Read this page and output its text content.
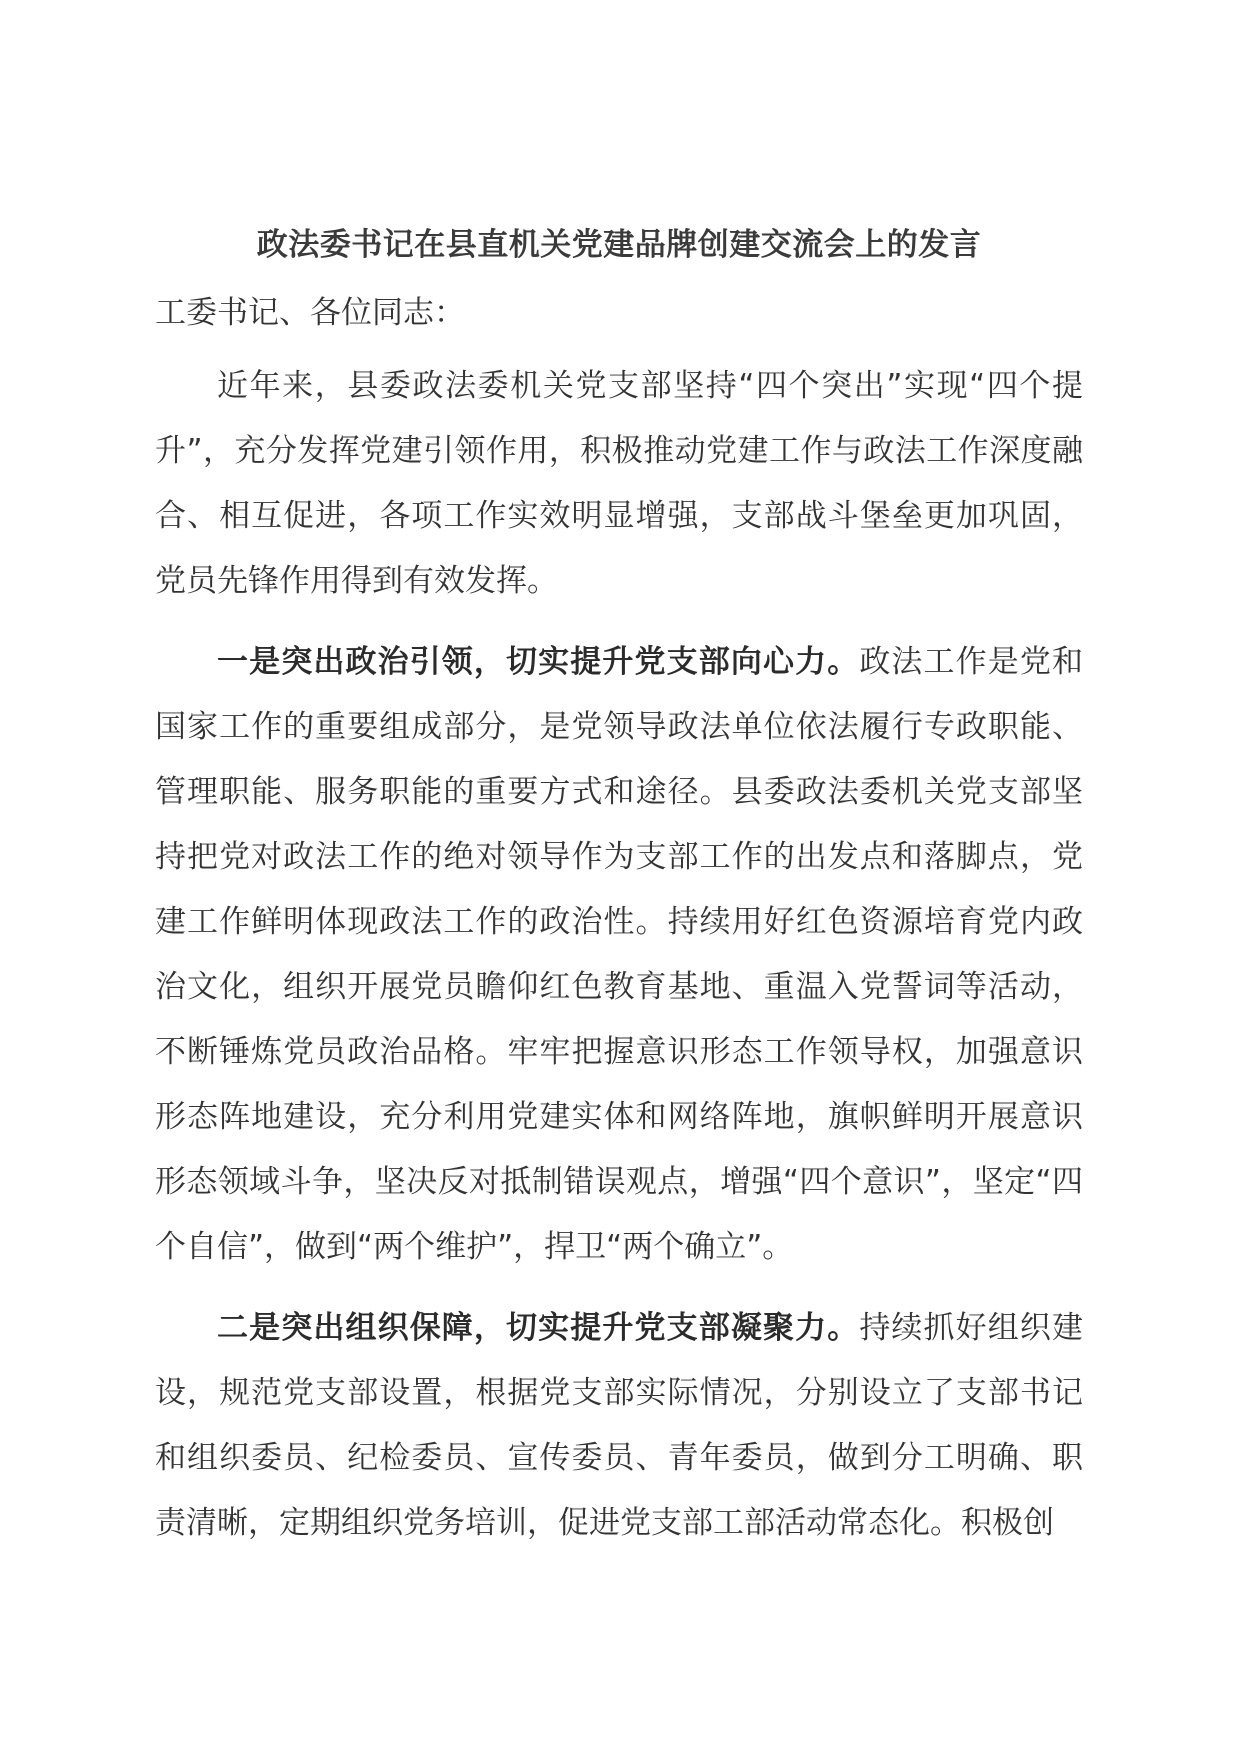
政法委书记在县直机关党建品牌创建交流会上的发言

工委书记、各位同志：

近年来，县委政法委机关党支部坚持“四个突出”实现“四个提升”，充分发挥党建引领作用，积极推动党建工作与政法工作深度融合、相互促进，各项工作实效明显增强，支部战斗堡垒更加巩固，党员先锋作用得到有效发挥。

一是突出政治引领，切实提升党支部向心力。政法工作是党和国家工作的重要组成部分，是党领导政法单位依法履行专政职能、管理职能、服务职能的重要方式和途径。县委政法委机关党支部坚持把党对政法工作的绝对领导作为支部工作的出发点和落脚点，党建工作鲜明体现政法工作的政治性。持续用好红色资源培育党内政治文化，组织开展党员瞻仰红色教育基地、重温入党誓词等活动，不断锤炼党员政治品格。牢牢把握意识形态工作领导权，加强意识形态阵地建设，充分利用党建实体和网络阵地，旗帜鲜明开展意识形态领域斗争，坚决反对抵制错误观点，增强“四个意识”，坚定“四个自信”，做到“两个维护”，捍卫“两个确立”。

二是突出组织保障，切实提升党支部凝聚力。持续抓好组织建设，规范党支部设置，根据党支部实际情况，分别设立了支部书记和组织委员、纪检委员、宣传委员、青年委员，做到分工明确、职责清晰，定期组织党务培训，促进党支部工部活动常态化。积极创
